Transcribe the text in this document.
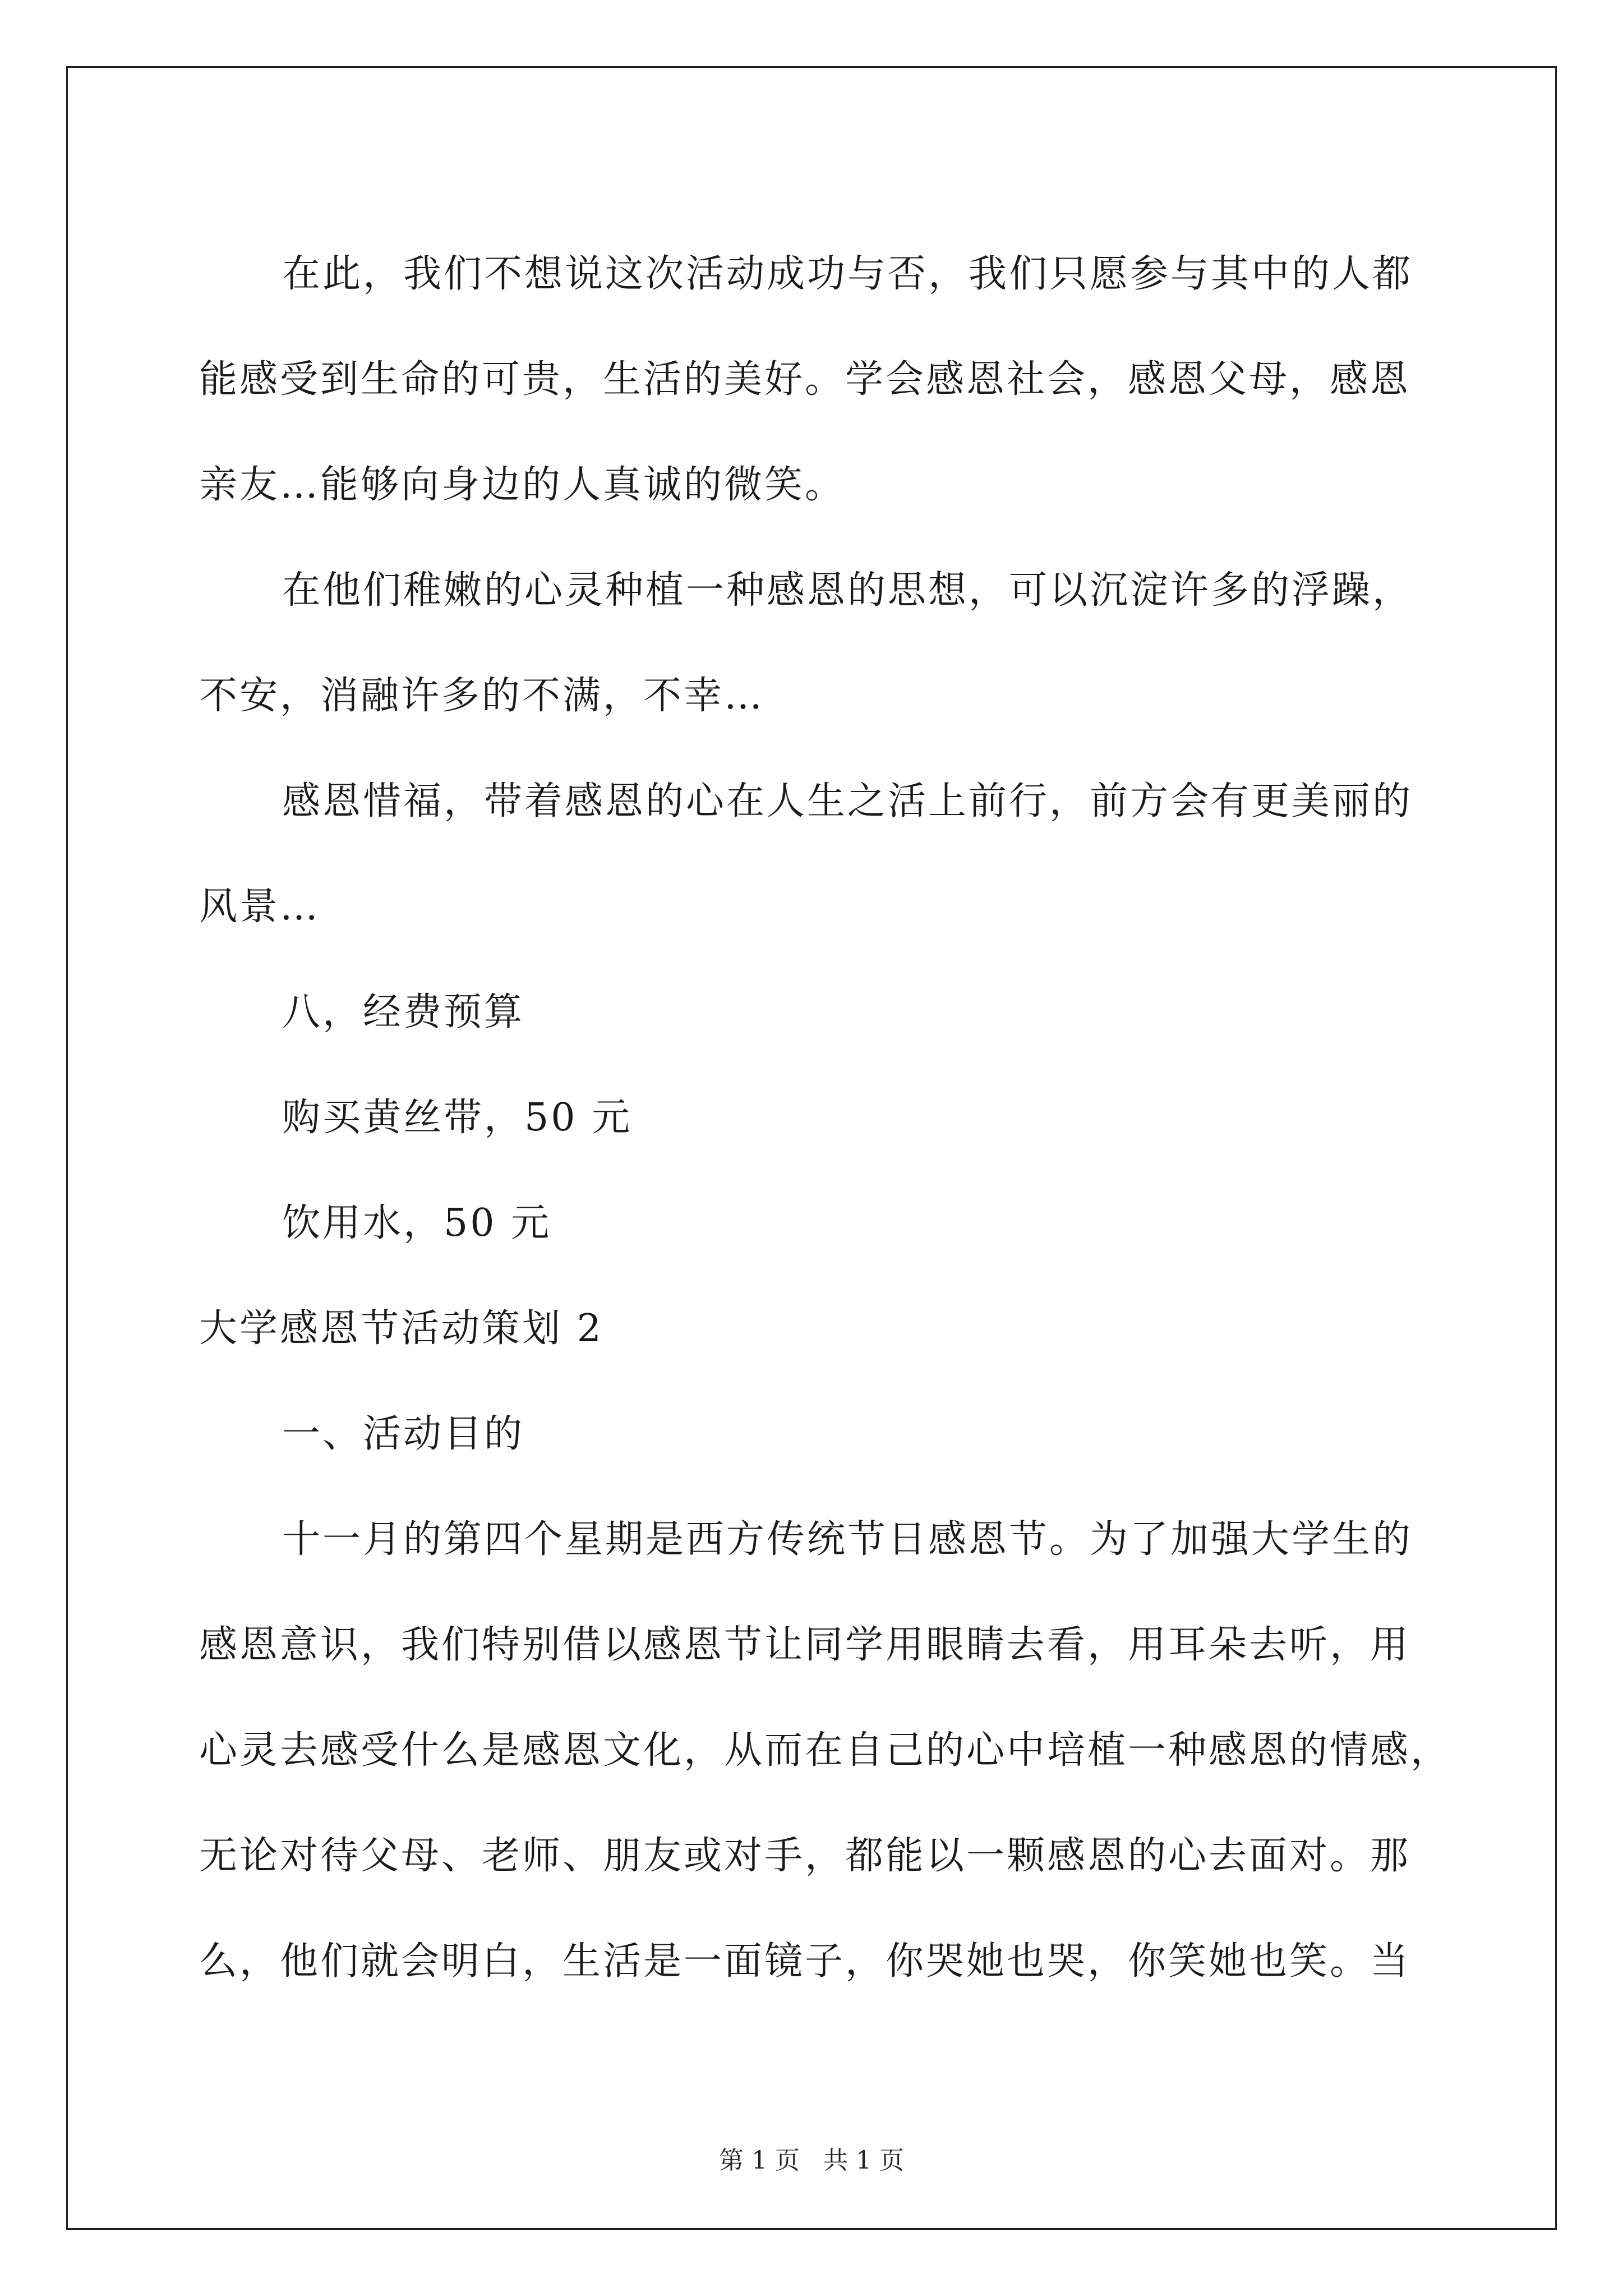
在此，我们不想说这次活动成功与否，我们只愿参与其中的人都
能感受到生命的可贵，生活的美好。学会感恩社会，感恩父母，感恩
亲友…能够向身边的人真诚的微笑。
在他们稚嫩的心灵种植一种感恩的思想，可以沉淀许多的浮躁，
不安，消融许多的不满，不幸…
感恩惜福，带着感恩的心在人生之活上前行，前方会有更美丽的
风景…
八，经费预算
购买黄丝带，50 元
饮用水，50 元
大学感恩节活动策划 2
一、活动目的
十一月的第四个星期是西方传统节日感恩节。为了加强大学生的
感恩意识，我们特别借以感恩节让同学用眼睛去看，用耳朵去听，用
心灵去感受什么是感恩文化，从而在自己的心中培植一种感恩的情感，
无论对待父母、老师、朋友或对手，都能以一颗感恩的心去面对。那
么，他们就会明白，生活是一面镜子，你哭她也哭，你笑她也笑。当
第 1 页 共 1 页
